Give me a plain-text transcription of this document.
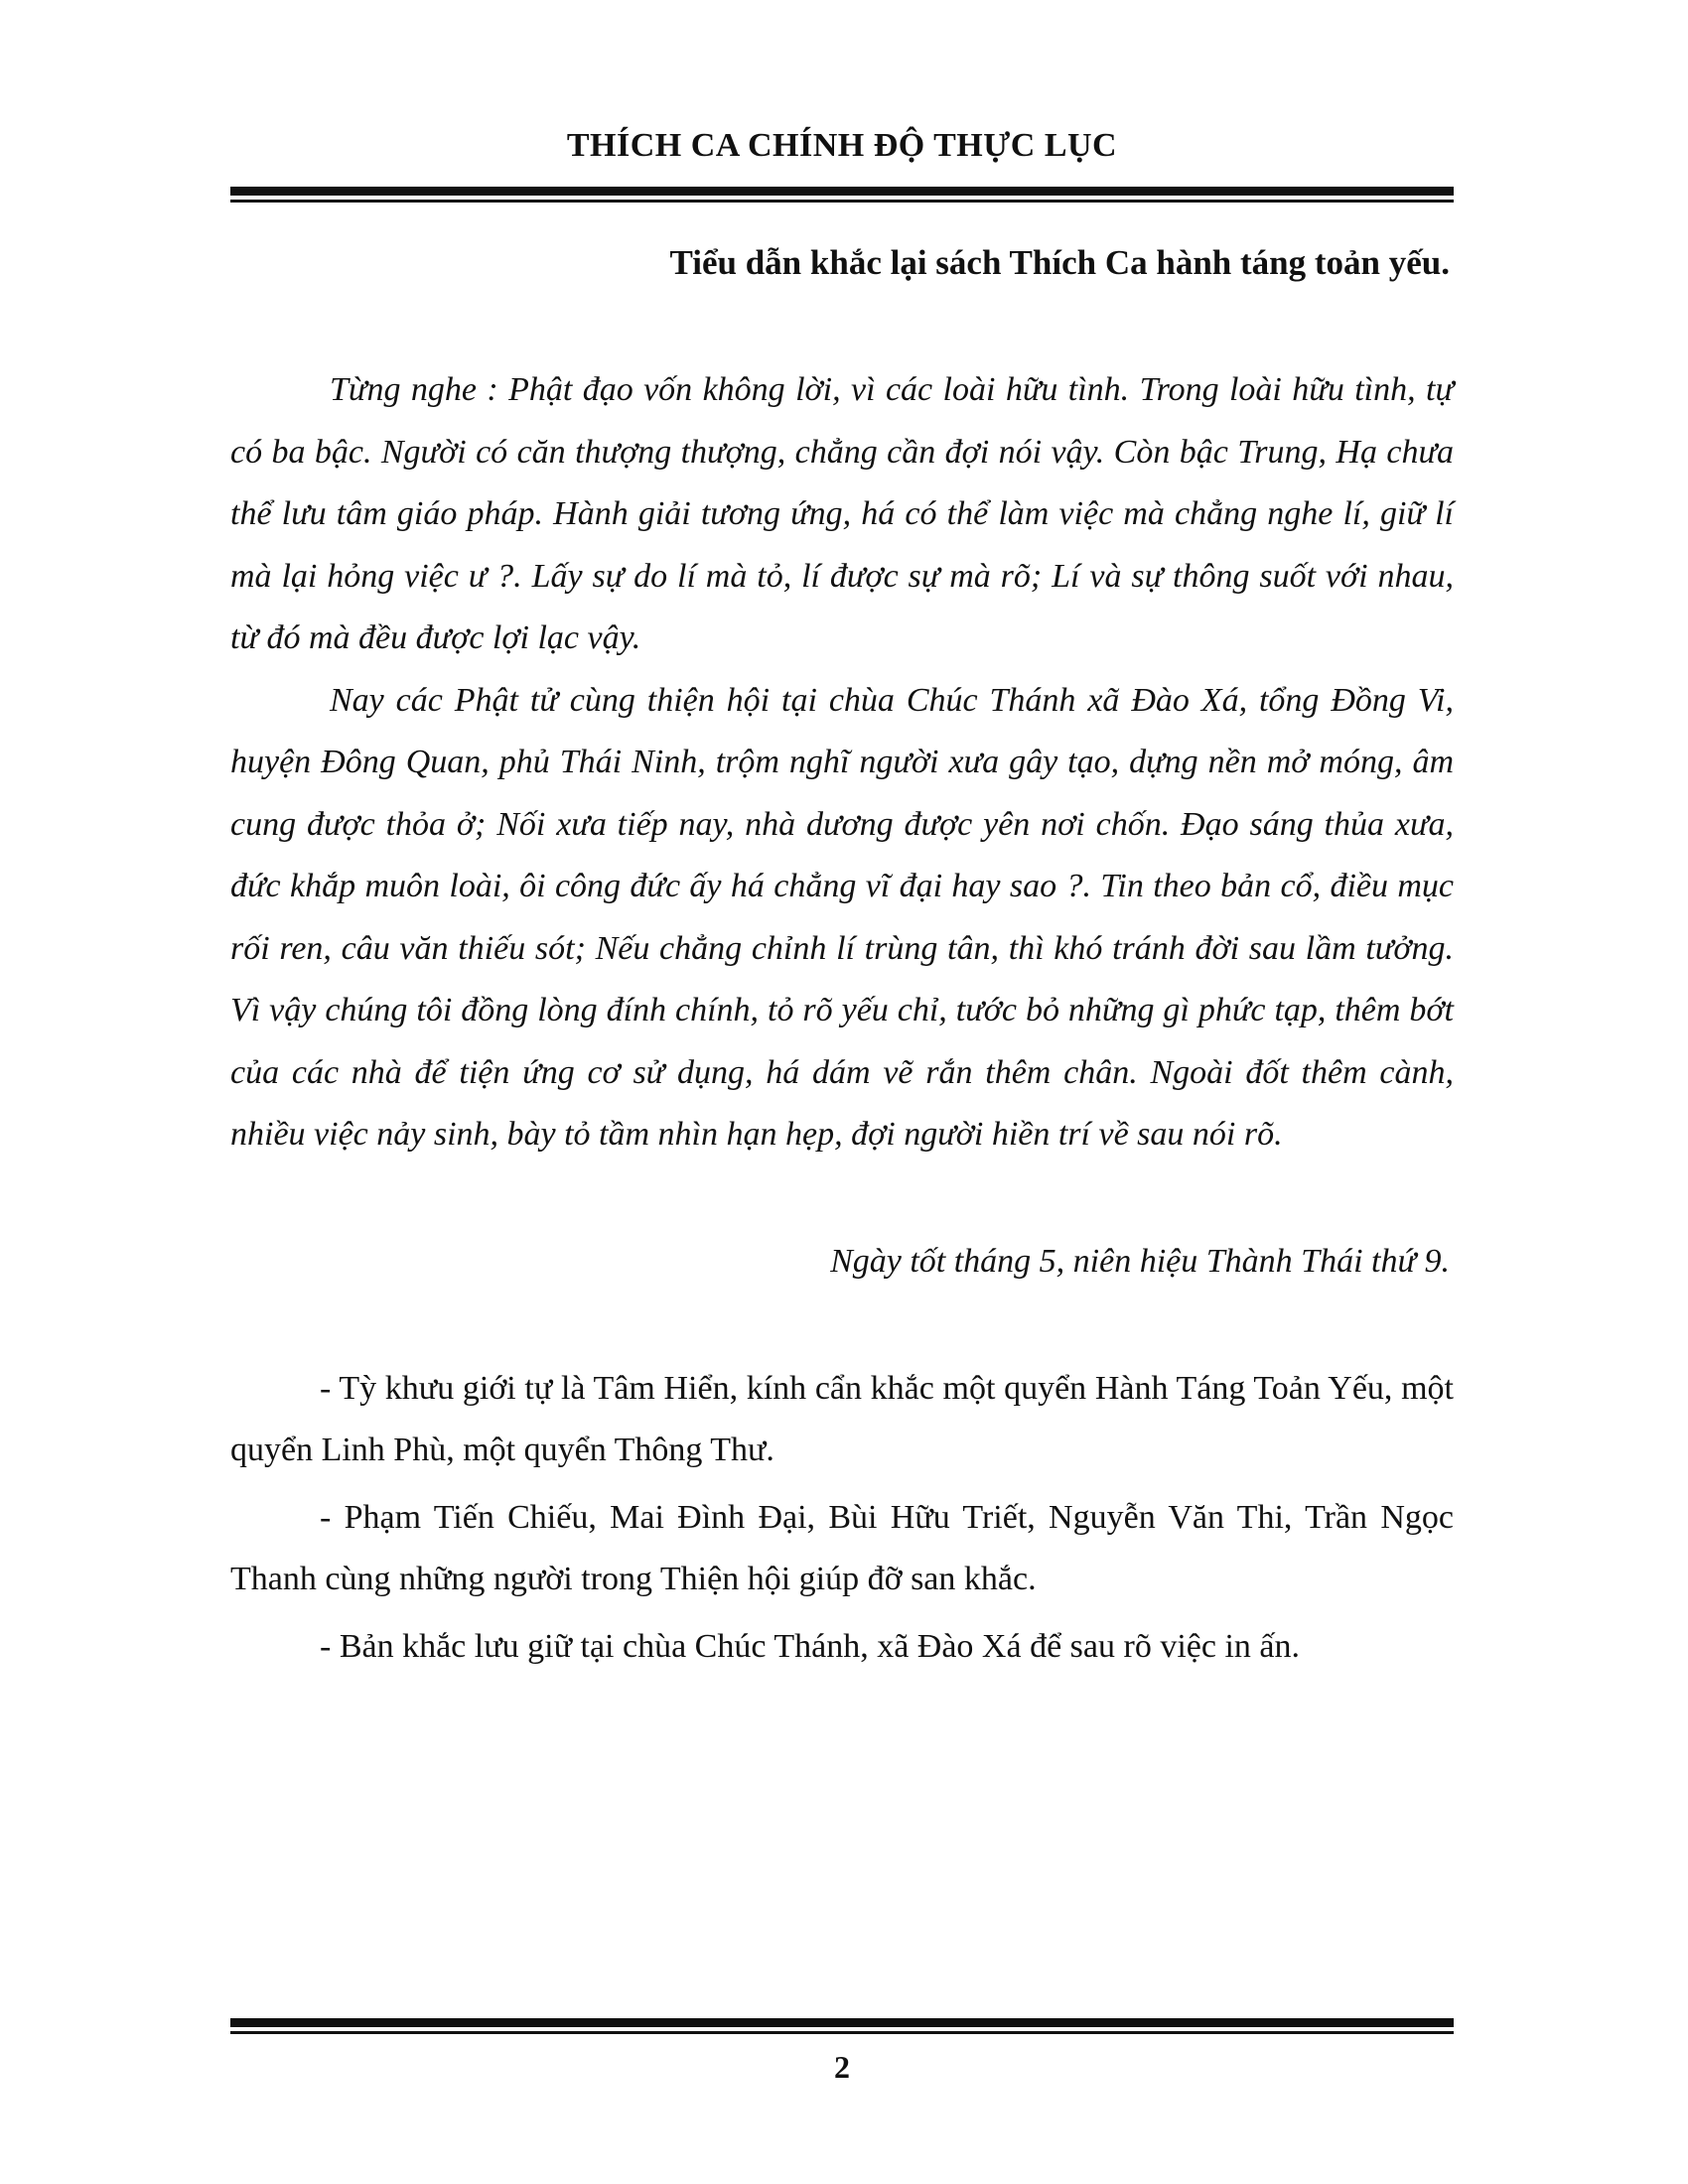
THÍCH CA CHÍNH ĐỘ THỰC LỤC
Tiểu dẫn khắc lại sách Thích Ca hành táng toản yếu.

Từng nghe : Phật đạo vốn không lời, vì các loài hữu tình. Trong loài hữu tình, tự có ba bậc. Người có căn thượng thượng, chẳng cần đợi nói vậy. Còn bậc Trung, Hạ chưa thể lưu tâm giáo pháp. Hành giải tương ứng, há có thể làm việc mà chẳng nghe lí, giữ lí mà lại hỏng việc ư ?. Lấy sự do lí mà tỏ, lí được sự mà rõ; Lí và sự thông suốt với nhau, từ đó mà đều được lợi lạc vậy.

Nay các Phật tử cùng thiện hội tại chùa Chúc Thánh xã Đào Xá, tổng Đồng Vi, huyện Đông Quan, phủ Thái Ninh, trộm nghĩ người xưa gây tạo, dựng nền mở móng, âm cung được thỏa ở; Nối xưa tiếp nay, nhà dương được yên nơi chốn. Đạo sáng thủa xưa, đức khắp muôn loài, ôi công đức ấy há chẳng vĩ đại hay sao ?. Tin theo bản cổ, điều mục rối ren, câu văn thiếu sót; Nếu chẳng chỉnh lí trùng tân, thì khó tránh đời sau lầm tưởng. Vì vậy chúng tôi đồng lòng đính chính, tỏ rõ yếu chỉ, tước bỏ những gì phức tạp, thêm bớt của các nhà để tiện ứng cơ sử dụng, há dám vẽ rắn thêm chân. Ngoài đốt thêm cành, nhiều việc nảy sinh, bày tỏ tầm nhìn hạn hẹp, đợi người hiền trí về sau nói rõ.

Ngày tốt tháng 5, niên hiệu Thành Thái thứ 9.

- Tỳ khưu giới tự là Tâm Hiển, kính cẩn khắc một quyển Hành Táng Toản Yếu, một quyển Linh Phù, một quyển Thông Thư.

- Phạm Tiến Chiếu, Mai Đình Đại, Bùi Hữu Triết, Nguyễn Văn Thi, Trần Ngọc Thanh cùng những người trong Thiện hội giúp đỡ san khắc.

- Bản khắc lưu giữ tại chùa Chúc Thánh, xã Đào Xá để sau rõ việc in ấn.

2
